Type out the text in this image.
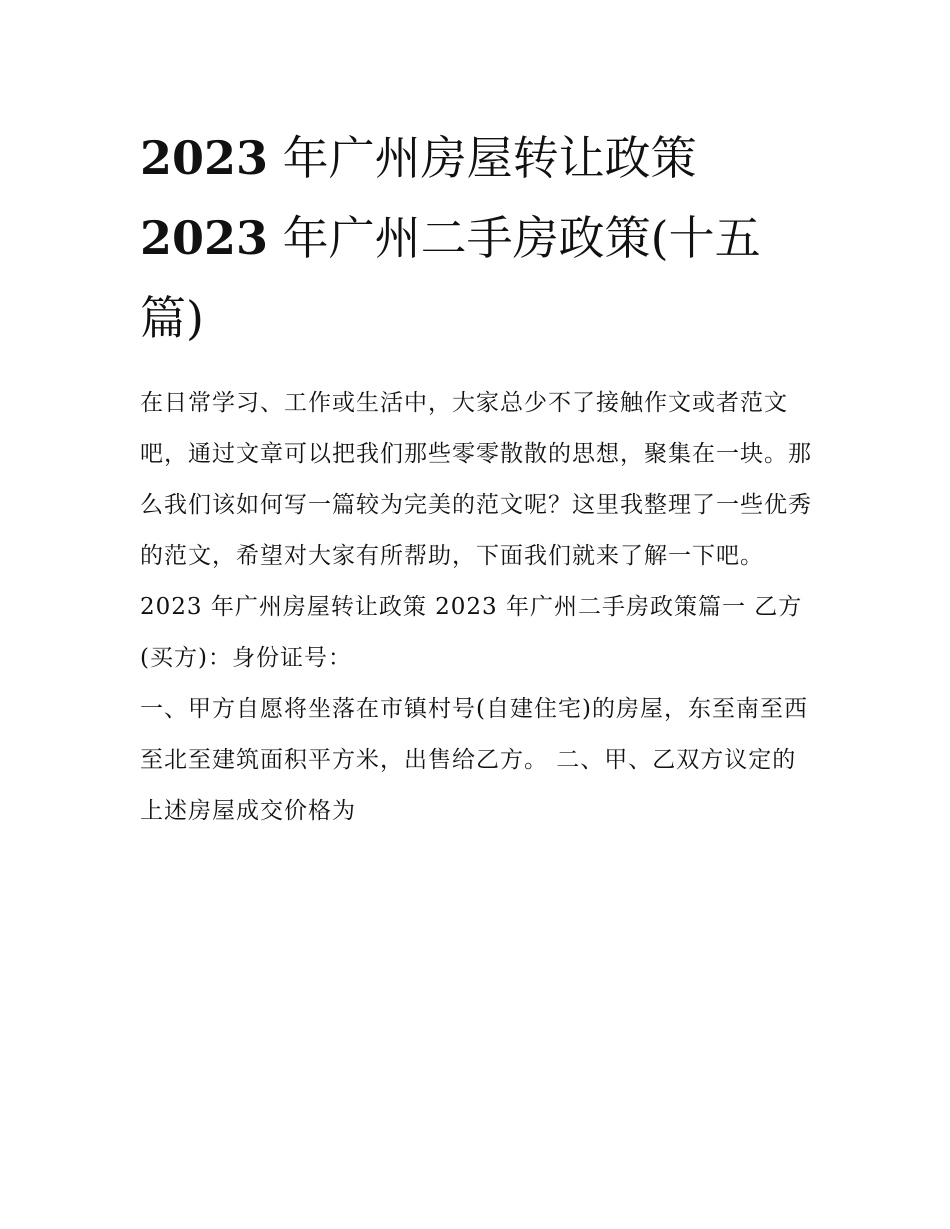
2023 年广州房屋转让政策
2023 年广州二手房政策(十五篇)

在日常学习、工作或生活中，大家总少不了接触作文或者范文吧，通过文章可以把我们那些零零散散的思想，聚集在一块。那么我们该如何写一篇较为完美的范文呢？这里我整理了一些优秀的范文，希望对大家有所帮助，下面我们就来了解一下吧。

2023 年广州房屋转让政策 2023 年广州二手房政策篇一 乙方(买方)：身份证号：

一、甲方自愿将坐落在市镇村号(自建住宅)的房屋，东至南至西至北至建筑面积平方米，出售给乙方。 二、甲、乙双方议定的上述房屋成交价格为
